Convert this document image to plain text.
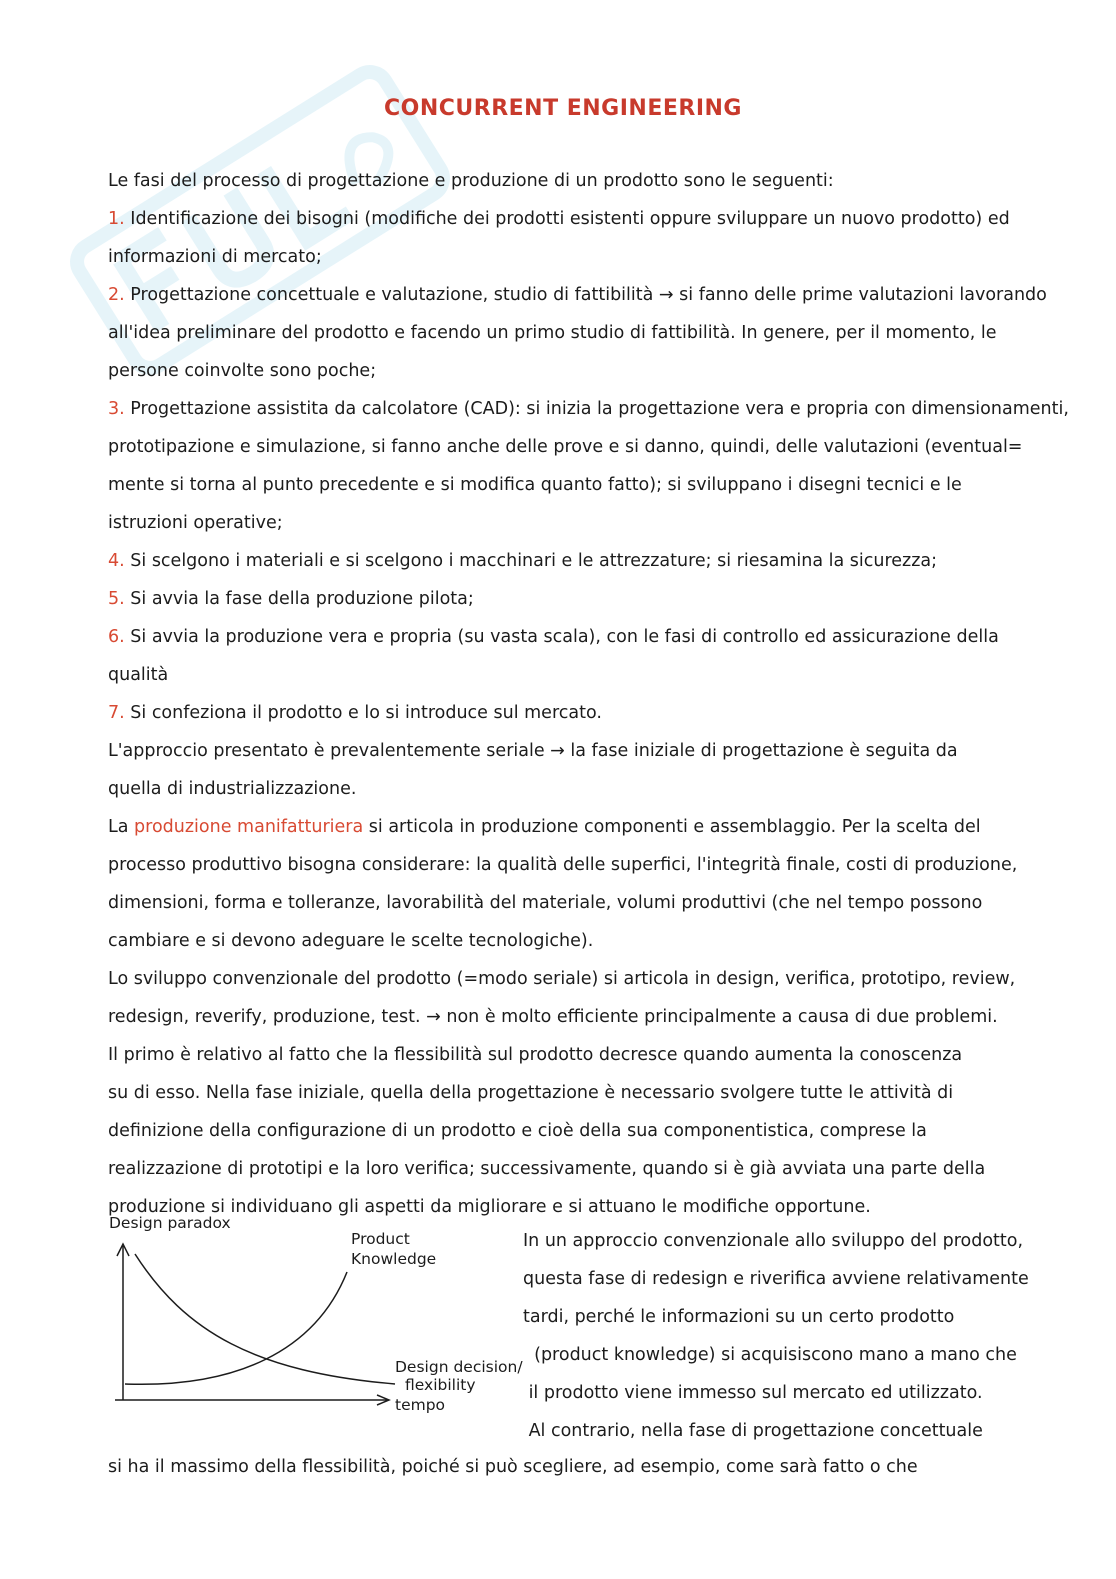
CONCURRENT ENGINEERING
Le fasi del processo di progettazione e produzione di un prodotto sono le seguenti:
1. Identificazione dei bisogni (modifiche dei prodotti esistenti oppure sviluppare un nuovo prodotto) ed
informazioni di mercato;
2. Progettazione concettuale e valutazione, studio di fattibilità → si fanno delle prime valutazioni lavorando
all'idea preliminare del prodotto e facendo un primo studio di fattibilità. In genere, per il momento, le
persone coinvolte sono poche;
3. Progettazione assistita da calcolatore (CAD): si inizia la progettazione vera e propria con dimensionamenti,
prototipazione e simulazione, si fanno anche delle prove e si danno, quindi, delle valutazioni (eventual=
mente si torna al punto precedente e si modifica quanto fatto); si sviluppano i disegni tecnici e le
istruzioni operative;
4. Si scelgono i materiali e si scelgono i macchinari e le attrezzature; si riesamina la sicurezza;
5. Si avvia la fase della produzione pilota;
6. Si avvia la produzione vera e propria (su vasta scala), con le fasi di controllo ed assicurazione della
qualità
7. Si confeziona il prodotto e lo si introduce sul mercato.
L'approccio presentato è prevalentemente seriale → la fase iniziale di progettazione è seguita da
quella di industrializzazione.
La produzione manifatturiera si articola in produzione componenti e assemblaggio. Per la scelta del
processo produttivo bisogna considerare: la qualità delle superfici, l'integrità finale, costi di produzione,
dimensioni, forma e tolleranze, lavorabilità del materiale, volumi produttivi (che nel tempo possono
cambiare e si devono adeguare le scelte tecnologiche).
Lo sviluppo convenzionale del prodotto (=modo seriale) si articola in design, verifica, prototipo, review,
redesign, reverify, produzione, test. → non è molto efficiente principalmente a causa di due problemi.
Il primo è relativo al fatto che la flessibilità sul prodotto decresce quando aumenta la conoscenza
su di esso. Nella fase iniziale, quella della progettazione è necessario svolgere tutte le attività di
definizione della configurazione di un prodotto e cioè della sua componentistica, comprese la
realizzazione di prototipi e la loro verifica; successivamente, quando si è già avviata una parte della
produzione si individuano gli aspetti da migliorare e si attuano le modifiche opportune.
Design paradox
Product
Knowledge
Design decision/
flexibility
tempo
In un approccio convenzionale allo sviluppo del prodotto,
questa fase di redesign e riverifica avviene relativamente
tardi, perché le informazioni su un certo prodotto
(product knowledge) si acquisiscono mano a mano che
il prodotto viene immesso sul mercato ed utilizzato.
Al contrario, nella fase di progettazione concettuale
si ha il massimo della flessibilità, poiché si può scegliere, ad esempio, come sarà fatto o che
